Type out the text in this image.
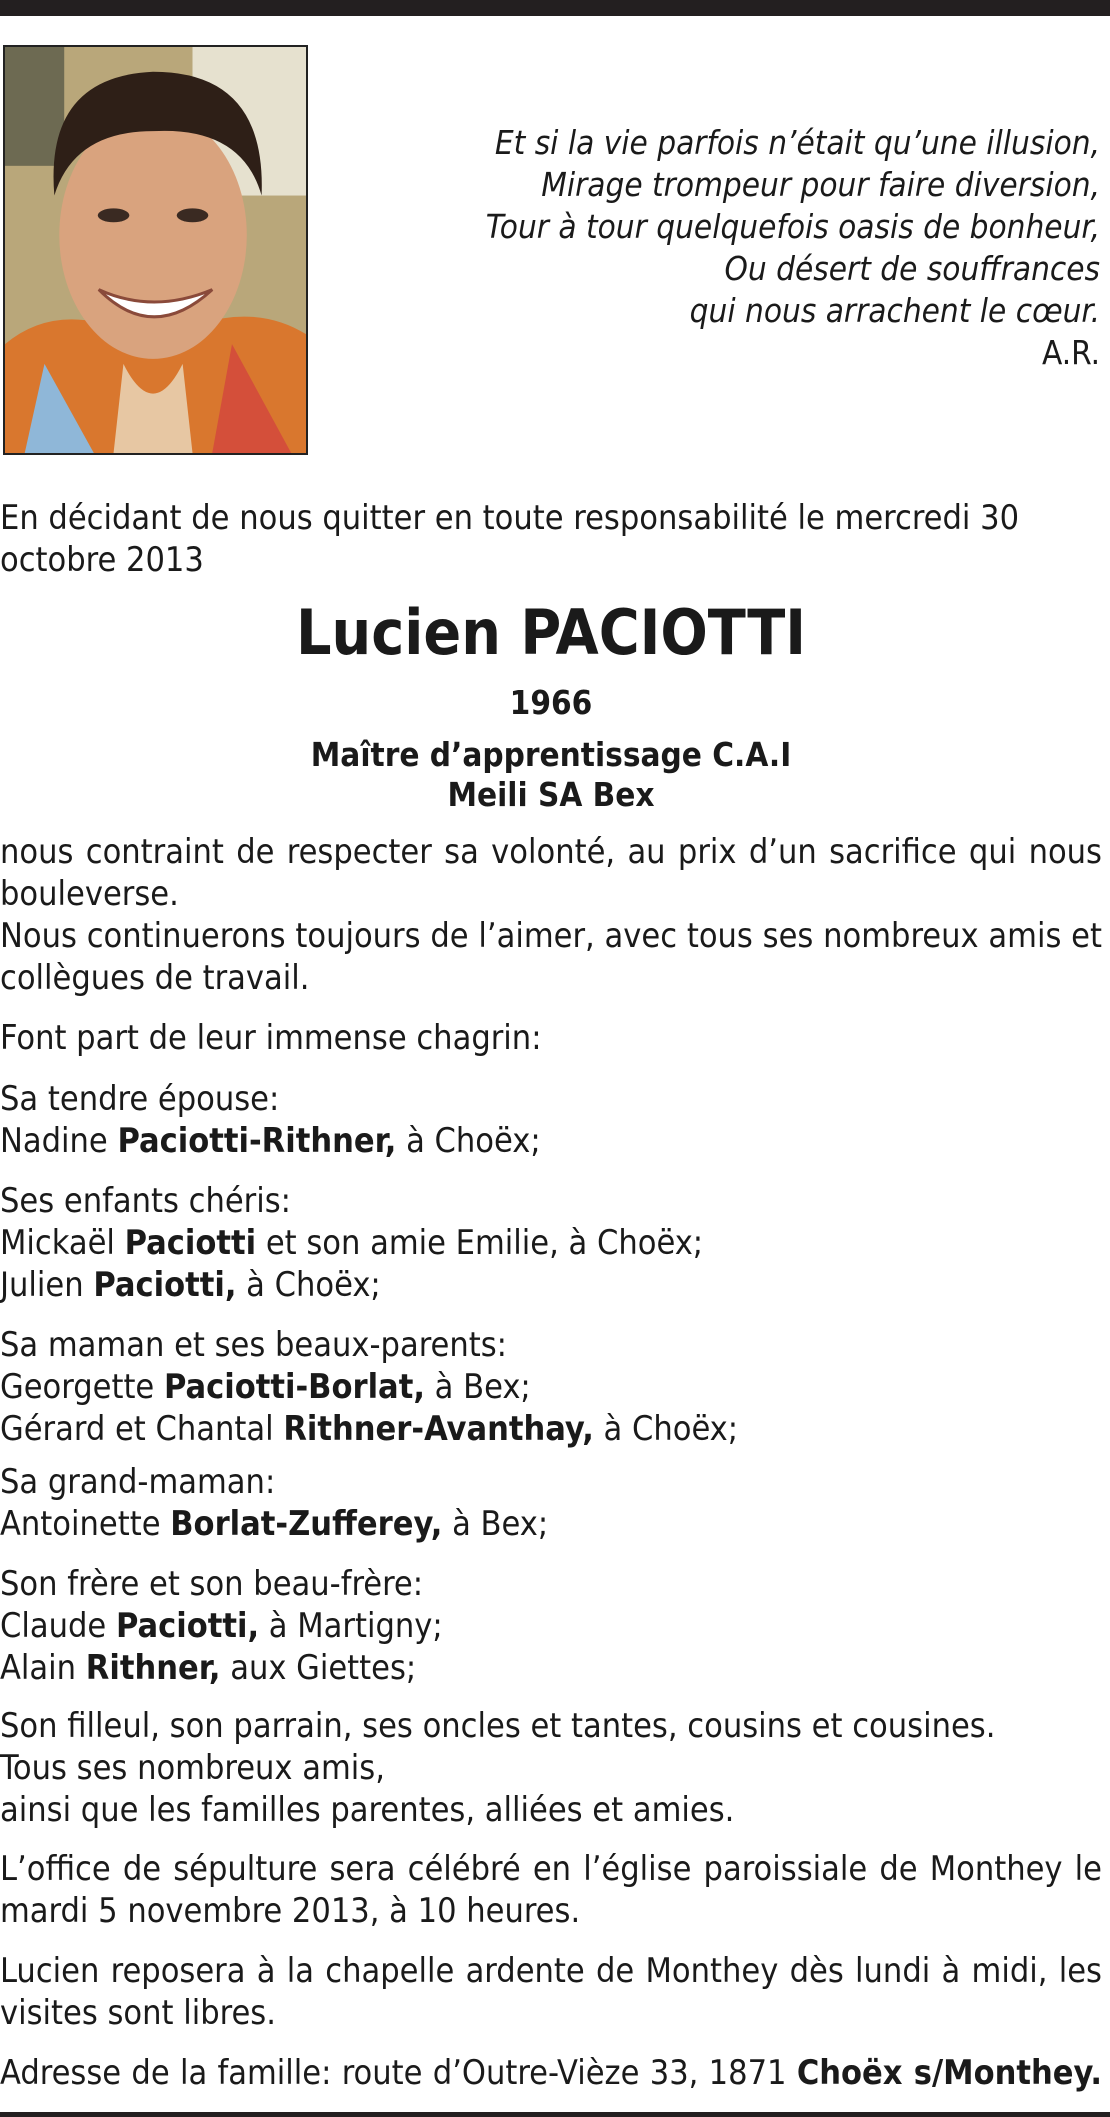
Et si la vie parfois n’était qu’une illusion,
Mirage trompeur pour faire diversion,
Tour à tour quelquefois oasis de bonheur,
Ou désert de souffrances
qui nous arrachent le cœur.
A.R.
En décidant de nous quitter en toute responsabilité le mercredi 30 octobre 2013
Lucien PACIOTTI
1966
Maître d’apprentissage C.A.I
Meili SA Bex
nous contraint de respecter sa volonté, au prix d’un sacrifice qui nous bouleverse.
Nous continuerons toujours de l’aimer, avec tous ses nombreux amis et collègues de travail.
Font part de leur immense chagrin:
Sa tendre épouse:
Nadine Paciotti-Rithner, à Choëx;
Ses enfants chéris:
Mickaël Paciotti et son amie Emilie, à Choëx;
Julien Paciotti, à Choëx;
Sa maman et ses beaux-parents:
Georgette Paciotti-Borlat, à Bex;
Gérard et Chantal Rithner-Avanthay, à Choëx;
Sa grand-maman:
Antoinette Borlat-Zufferey, à Bex;
Son frère et son beau-frère:
Claude Paciotti, à Martigny;
Alain Rithner, aux Giettes;
Son filleul, son parrain, ses oncles et tantes, cousins et cousines.
Tous ses nombreux amis,
ainsi que les familles parentes, alliées et amies.
L’office de sépulture sera célébré en l’église paroissiale de Monthey le mardi 5 novembre 2013, à 10 heures.
Lucien reposera à la chapelle ardente de Monthey dès lundi à midi, les visites sont libres.
Adresse de la famille: route d’Outre-Vièze 33, 1871 Choëx s/Monthey.
